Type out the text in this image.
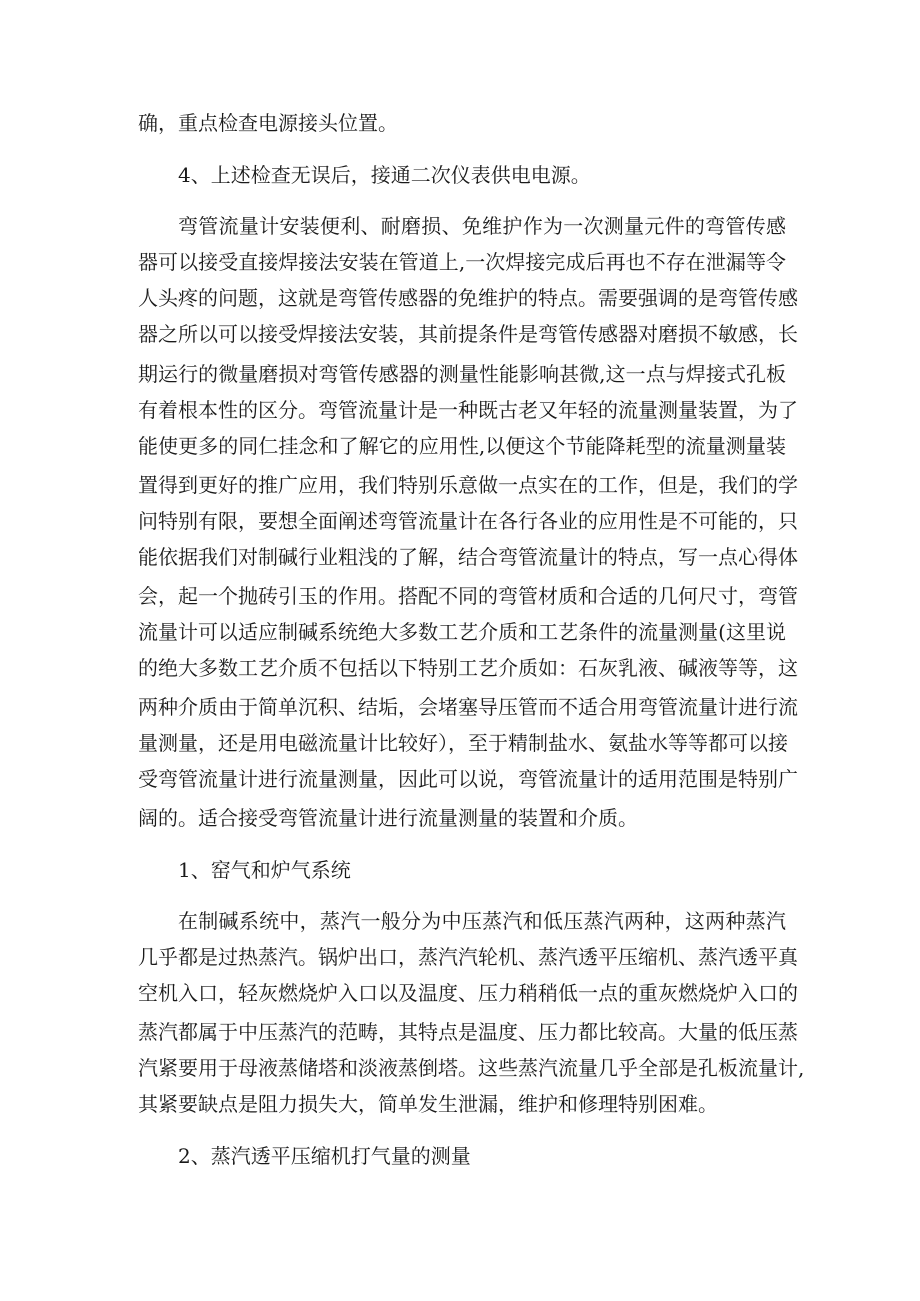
确，重点检查电源接头位置。
4、上述检查无误后，接通二次仪表供电电源。
弯管流量计安装便利、耐磨损、免维护作为一次测量元件的弯管传感
器可以接受直接焊接法安装在管道上,一次焊接完成后再也不存在泄漏等令
人头疼的问题，这就是弯管传感器的免维护的特点。需要强调的是弯管传感
器之所以可以接受焊接法安装，其前提条件是弯管传感器对磨损不敏感，长
期运行的微量磨损对弯管传感器的测量性能影响甚微,这一点与焊接式孔板
有着根本性的区分。弯管流量计是一种既古老又年轻的流量测量装置，为了
能使更多的同仁挂念和了解它的应用性,以便这个节能降耗型的流量测量装
置得到更好的推广应用，我们特别乐意做一点实在的工作，但是，我们的学
问特别有限，要想全面阐述弯管流量计在各行各业的应用性是不可能的，只
能依据我们对制碱行业粗浅的了解，结合弯管流量计的特点，写一点心得体
会，起一个抛砖引玉的作用。搭配不同的弯管材质和合适的几何尺寸，弯管
流量计可以适应制碱系统绝大多数工艺介质和工艺条件的流量测量(这里说
的绝大多数工艺介质不包括以下特别工艺介质如：石灰乳液、碱液等等，这
两种介质由于简单沉积、结垢，会堵塞导压管而不适合用弯管流量计进行流
量测量，还是用电磁流量计比较好），至于精制盐水、氨盐水等等都可以接
受弯管流量计进行流量测量，因此可以说，弯管流量计的适用范围是特别广
阔的。适合接受弯管流量计进行流量测量的装置和介质。
1、窑气和炉气系统
在制碱系统中，蒸汽一般分为中压蒸汽和低压蒸汽两种，这两种蒸汽
几乎都是过热蒸汽。锅炉出口，蒸汽汽轮机、蒸汽透平压缩机、蒸汽透平真
空机入口，轻灰燃烧炉入口以及温度、压力稍稍低一点的重灰燃烧炉入口的
蒸汽都属于中压蒸汽的范畴，其特点是温度、压力都比较高。大量的低压蒸
汽紧要用于母液蒸储塔和淡液蒸倒塔。这些蒸汽流量几乎全部是孔板流量计,
其紧要缺点是阻力损失大，简单发生泄漏，维护和修理特别困难。
2、蒸汽透平压缩机打气量的测量
